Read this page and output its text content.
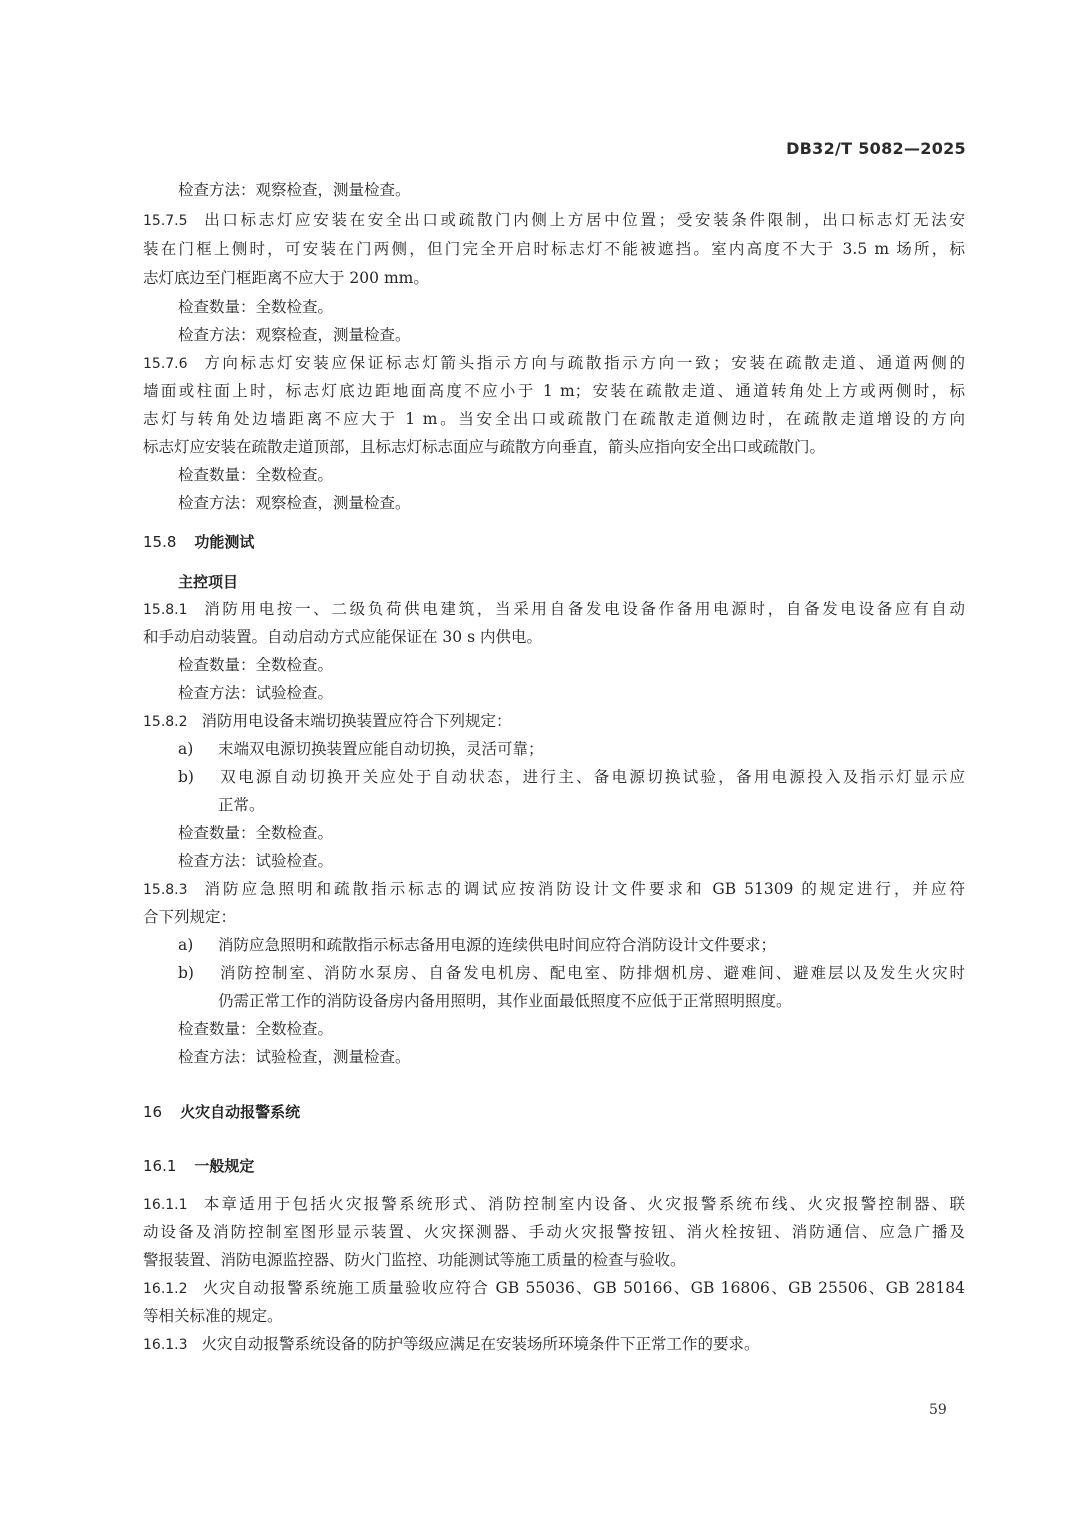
DB32/T 5082—2025
检查方法：观察检查，测量检查。
15.7.5 出口标志灯应安装在安全出口或疏散门内侧上方居中位置；受安装条件限制，出口标志灯无法安
装在门框上侧时，可安装在门两侧，但门完全开启时标志灯不能被遮挡。室内高度不大于 3.5 m 场所，标
志灯底边至门框距离不应大于 200 mm。
检查数量：全数检查。
检查方法：观察检查，测量检查。
15.7.6 方向标志灯安装应保证标志灯箭头指示方向与疏散指示方向一致；安装在疏散走道、通道两侧的
墙面或柱面上时，标志灯底边距地面高度不应小于 1 m；安装在疏散走道、通道转角处上方或两侧时，标
志灯与转角处边墙距离不应大于 1 m。当安全出口或疏散门在疏散走道侧边时，在疏散走道增设的方向
标志灯应安装在疏散走道顶部，且标志灯标志面应与疏散方向垂直，箭头应指向安全出口或疏散门。
检查数量：全数检查。
检查方法：观察检查，测量检查。
15.8 功能测试
主控项目
15.8.1 消防用电按一、二级负荷供电建筑，当采用自备发电设备作备用电源时，自备发电设备应有自动
和手动启动装置。自动启动方式应能保证在 30 s 内供电。
检查数量：全数检查。
检查方法：试验检查。
15.8.2 消防用电设备末端切换装置应符合下列规定：
a) 末端双电源切换装置应能自动切换，灵活可靠；
b) 双电源自动切换开关应处于自动状态，进行主、备电源切换试验，备用电源投入及指示灯显示应
正常。
检查数量：全数检查。
检查方法：试验检查。
15.8.3 消防应急照明和疏散指示标志的调试应按消防设计文件要求和 GB 51309 的规定进行，并应符
合下列规定：
a) 消防应急照明和疏散指示标志备用电源的连续供电时间应符合消防设计文件要求；
b) 消防控制室、消防水泵房、自备发电机房、配电室、防排烟机房、避难间、避难层以及发生火灾时
仍需正常工作的消防设备房内备用照明，其作业面最低照度不应低于正常照明照度。
检查数量：全数检查。
检查方法：试验检查，测量检查。
16 火灾自动报警系统
16.1 一般规定
16.1.1 本章适用于包括火灾报警系统形式、消防控制室内设备、火灾报警系统布线、火灾报警控制器、联
动设备及消防控制室图形显示装置、火灾探测器、手动火灾报警按钮、消火栓按钮、消防通信、应急广播及
警报装置、消防电源监控器、防火门监控、功能测试等施工质量的检查与验收。
16.1.2 火灾自动报警系统施工质量验收应符合 GB 55036、GB 50166、GB 16806、GB 25506、GB 28184
等相关标准的规定。
16.1.3 火灾自动报警系统设备的防护等级应满足在安装场所环境条件下正常工作的要求。
59
